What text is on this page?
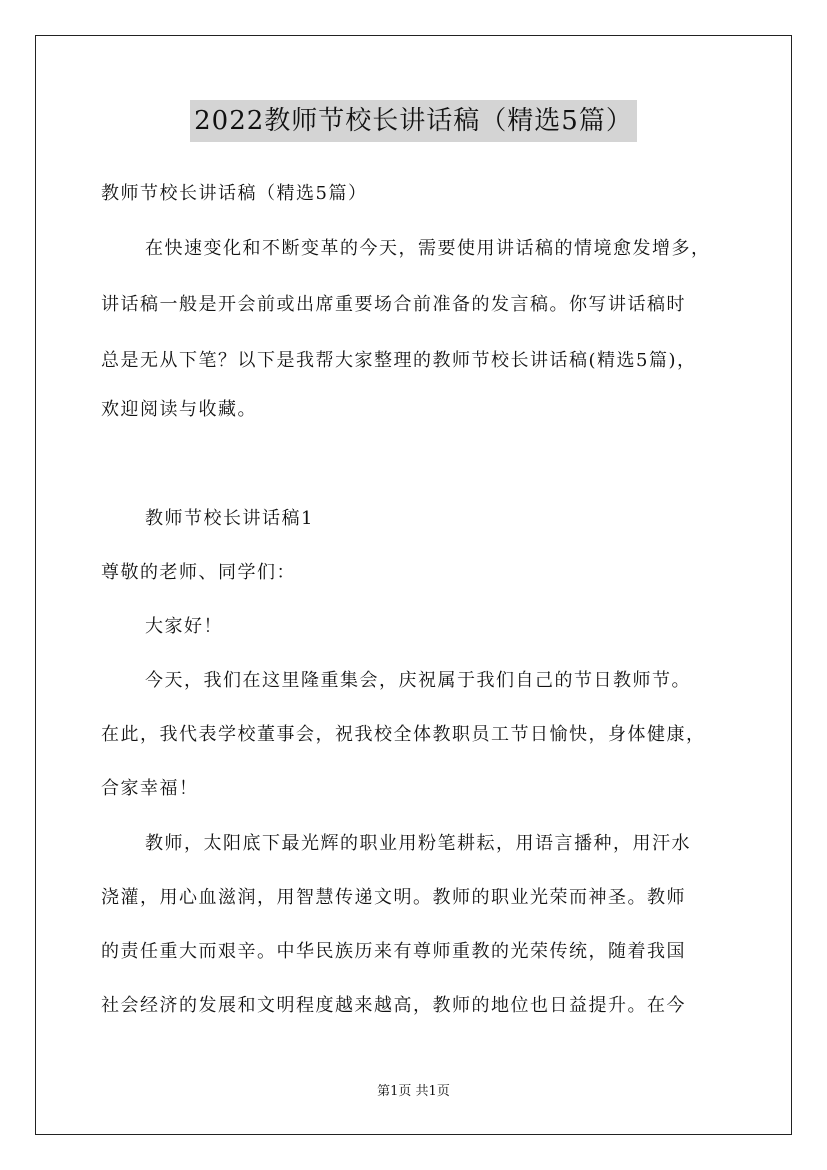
2022教师节校长讲话稿（精选5篇）
教师节校长讲话稿（精选5篇）
在快速变化和不断变革的今天，需要使用讲话稿的情境愈发增多，
讲话稿一般是开会前或出席重要场合前准备的发言稿。你写讲话稿时
总是无从下笔？以下是我帮大家整理的教师节校长讲话稿(精选5篇)，
欢迎阅读与收藏。
教师节校长讲话稿1
尊敬的老师、同学们：
大家好！
今天，我们在这里隆重集会，庆祝属于我们自己的节日教师节。
在此，我代表学校董事会，祝我校全体教职员工节日愉快，身体健康，
合家幸福！
教师，太阳底下最光辉的职业用粉笔耕耘，用语言播种，用汗水
浇灌，用心血滋润，用智慧传递文明。教师的职业光荣而神圣。教师
的责任重大而艰辛。中华民族历来有尊师重教的光荣传统，随着我国
社会经济的发展和文明程度越来越高，教师的地位也日益提升。在今
第1页 共1页
